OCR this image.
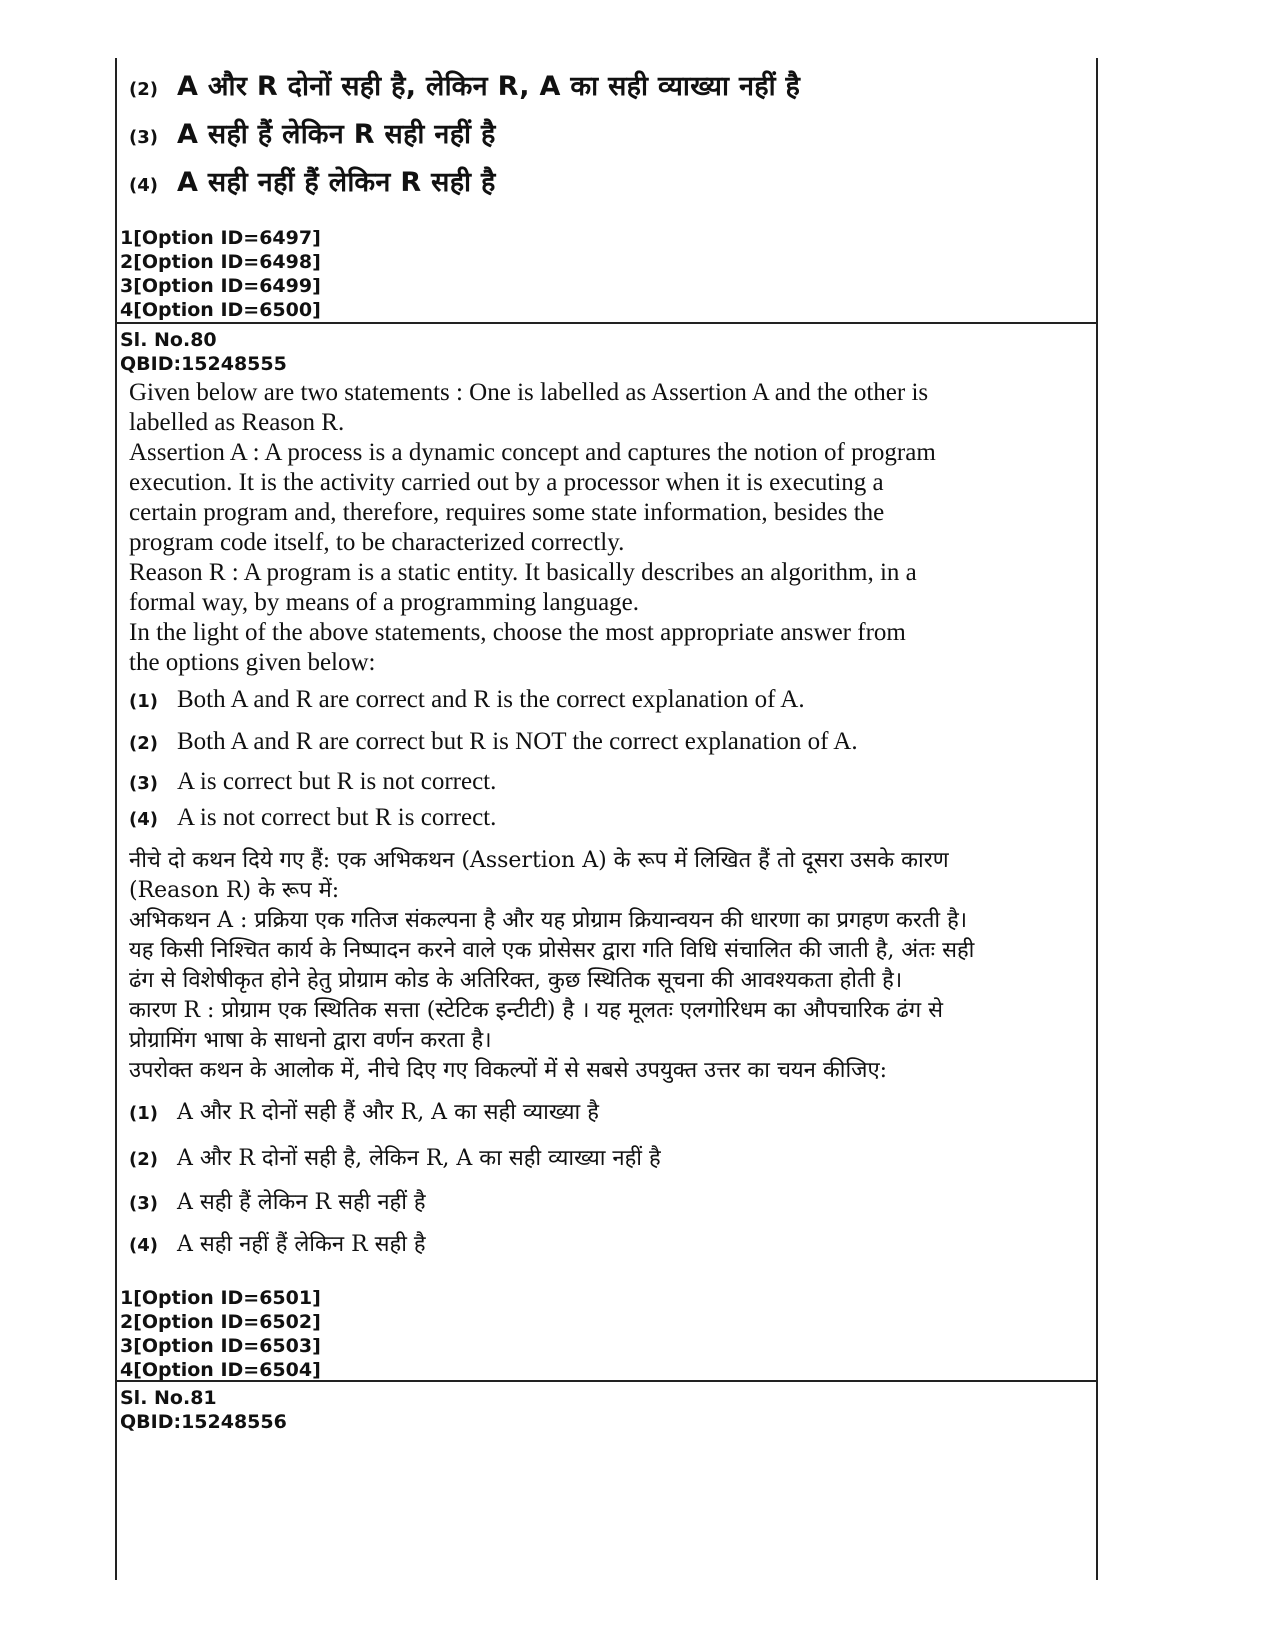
(2) A और R दोनों सही है, लेकिन R, A का सही व्याख्या नहीं है
(3) A सही हैं लेकिन R सही नहीं है
(4) A सही नहीं हैं लेकिन R सही है
1[Option ID=6497]
2[Option ID=6498]
3[Option ID=6499]
4[Option ID=6500]
Sl. No.80
QBID:15248555
Given below are two statements : One is labelled as Assertion A and the other is
labelled as Reason R.
Assertion A : A process is a dynamic concept and captures the notion of program
execution. It is the activity carried out by a processor when it is executing a
certain program and, therefore, requires some state information, besides the
program code itself, to be characterized correctly.
Reason R : A program is a static entity. It basically describes an algorithm, in a
formal way, by means of a programming language.
In the light of the above statements, choose the most appropriate answer from
the options given below:
(1) Both A and R are correct and R is the correct explanation of A.
(2) Both A and R are correct but R is NOT the correct explanation of A.
(3) A is correct but R is not correct.
(4) A is not correct but R is correct.
नीचे दो कथन दिये गए हैं: एक अभिकथन (Assertion A) के रूप में लिखित हैं तो दूसरा उसके कारण
(Reason R) के रूप में:
अभिकथन A : प्रक्रिया एक गतिज संकल्पना है और यह प्रोग्राम क्रियान्वयन की धारणा का प्रगहण करती है।
यह किसी निश्चित कार्य के निष्पादन करने वाले एक प्रोसेसर द्वारा गति विधि संचालित की जाती है, अंतः सही
ढंग से विशेषीकृत होने हेतु प्रोग्राम कोड के अतिरिक्त, कुछ स्थितिक सूचना की आवश्यकता होती है।
कारण R : प्रोग्राम एक स्थितिक सत्ता (स्टेटिक इन्टीटी) है । यह मूलतः एलगोरिधम का औपचारिक ढंग से
प्रोग्रामिंग भाषा के साधनो द्वारा वर्णन करता है।
उपरोक्त कथन के आलोक में, नीचे दिए गए विकल्पों में से सबसे उपयुक्त उत्तर का चयन कीजिए:
(1) A और R दोनों सही हैं और R, A का सही व्याख्या है
(2) A और R दोनों सही है, लेकिन R, A का सही व्याख्या नहीं है
(3) A सही हैं लेकिन R सही नहीं है
(4) A सही नहीं हैं लेकिन R सही है
1[Option ID=6501]
2[Option ID=6502]
3[Option ID=6503]
4[Option ID=6504]
Sl. No.81
QBID:15248556
